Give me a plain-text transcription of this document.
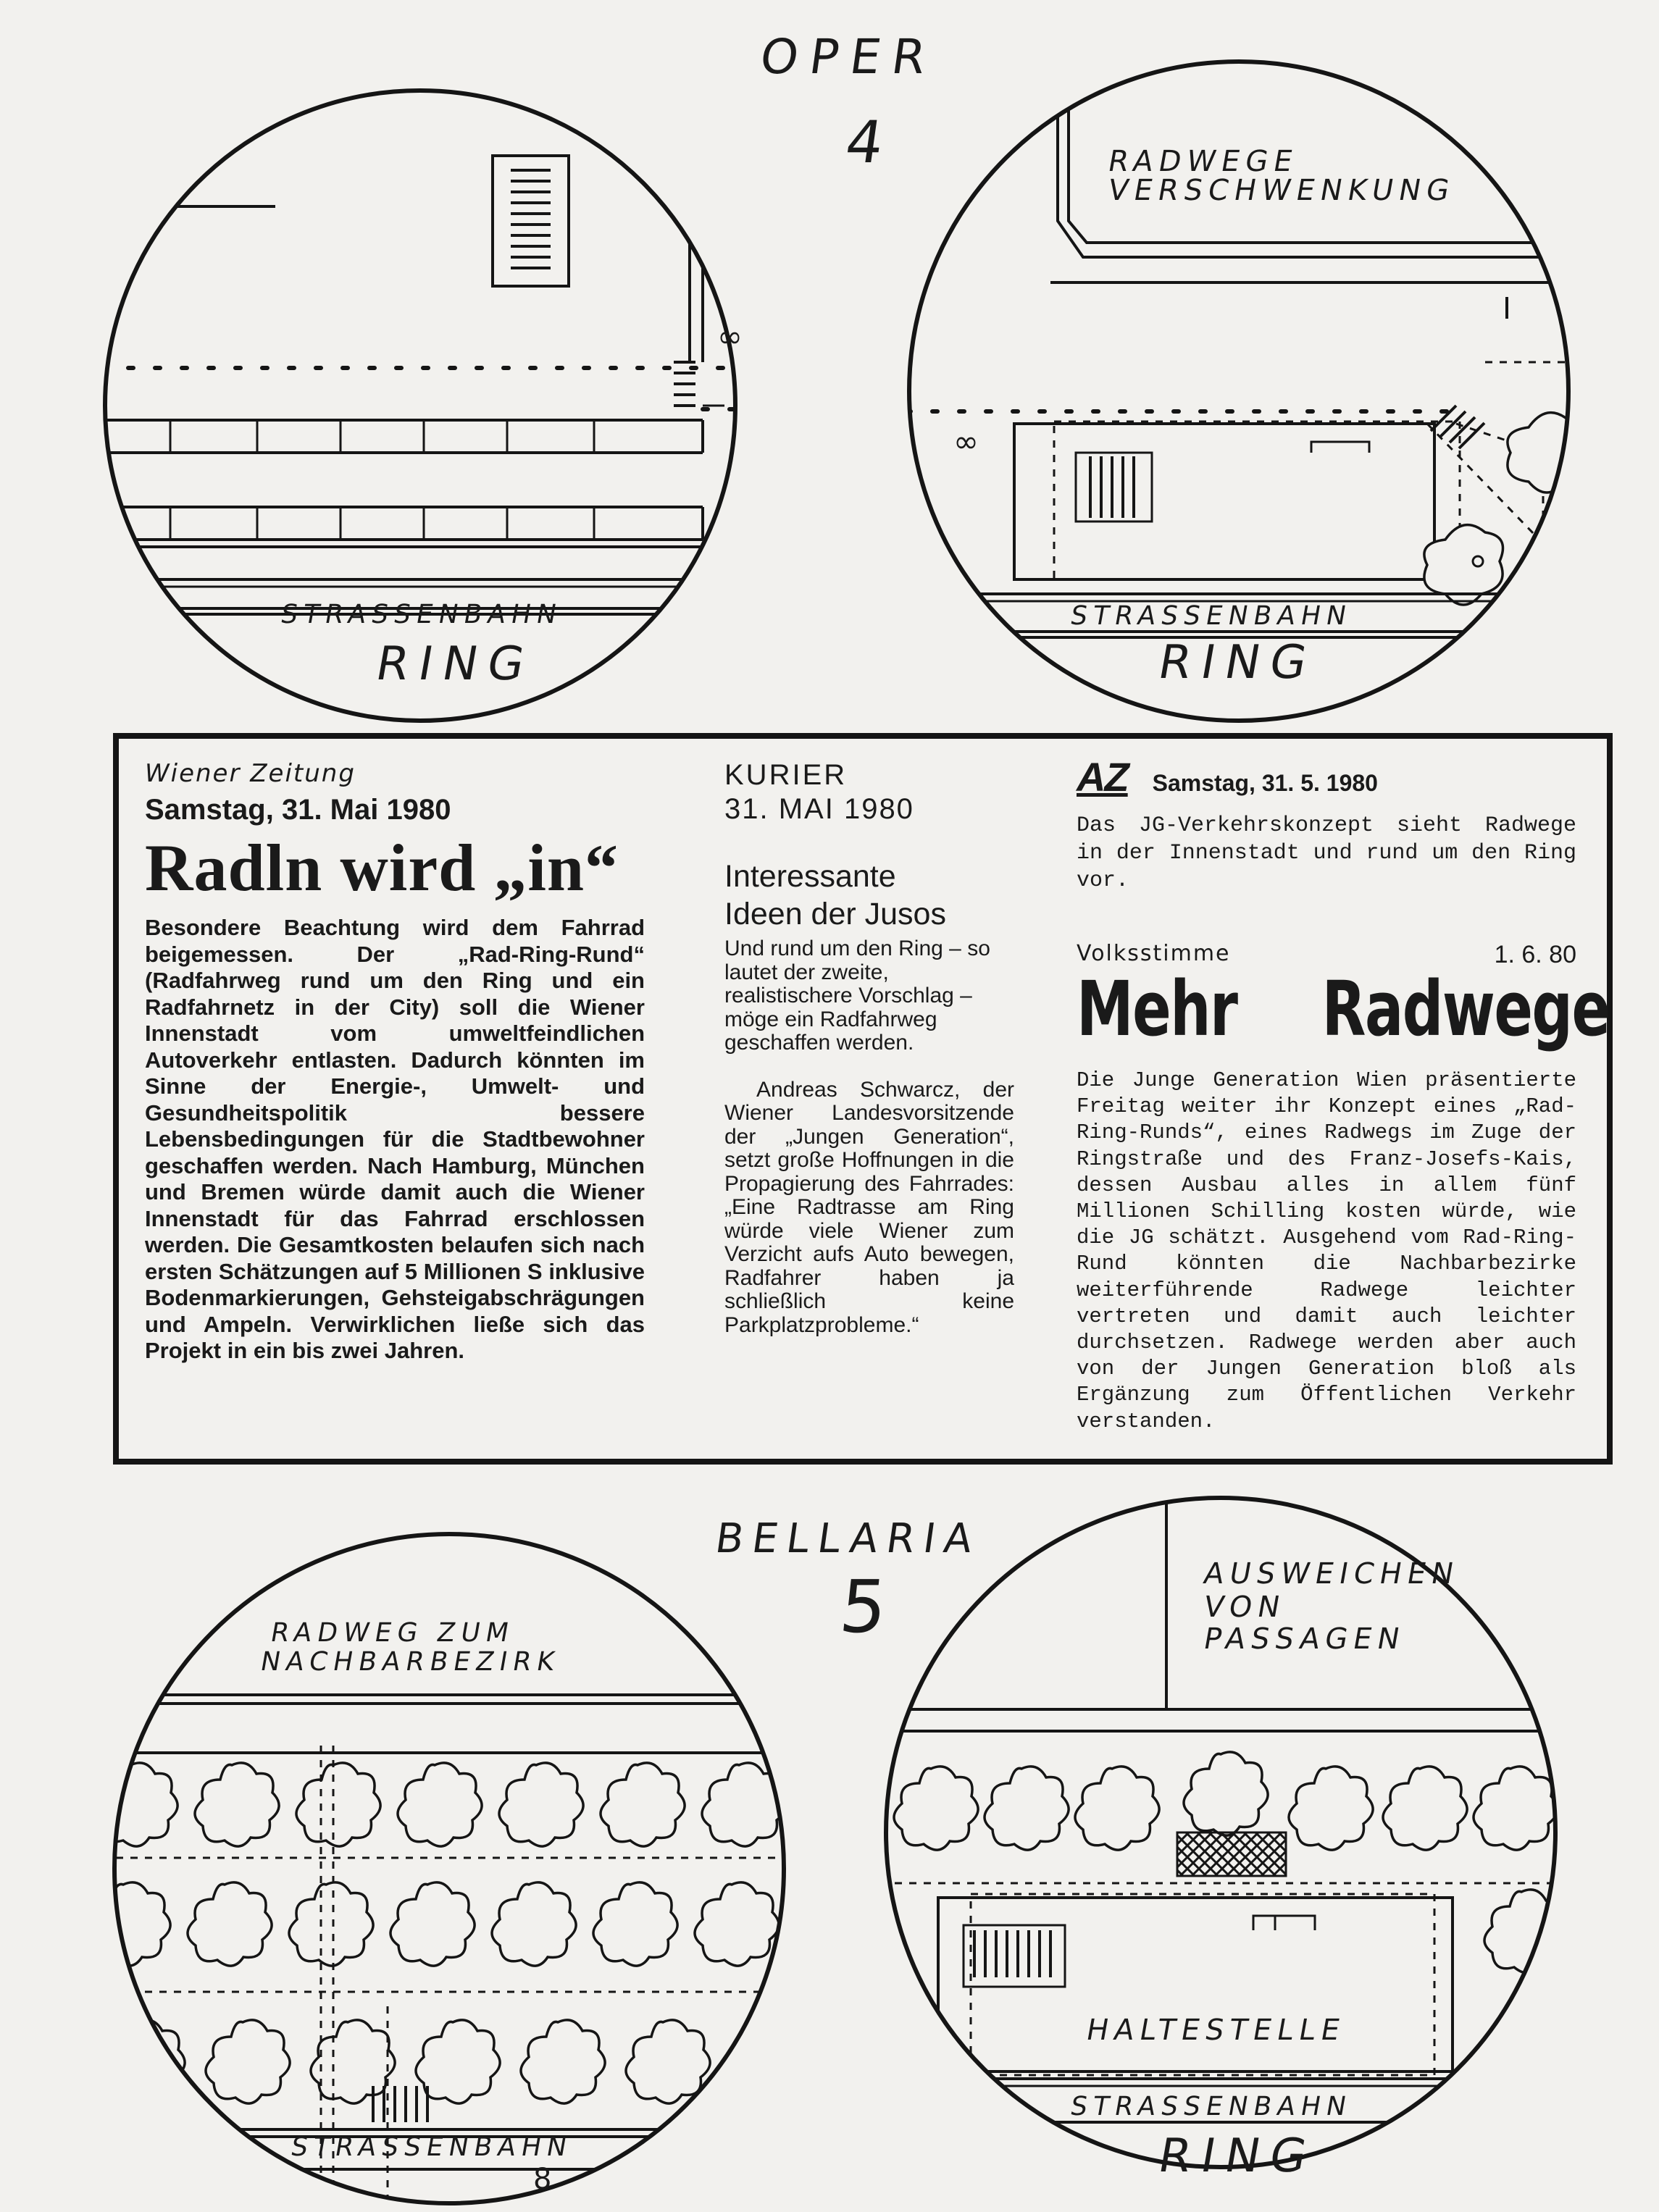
OPER
4
∞
STRASSENBAHN
RING
RADWEGE
VERSCHWENKUNG
∞
STRASSENBAHN
RING
Wiener Zeitung
Samstag, 31. Mai 1980
Radln wird „in“
Besondere Beachtung wird dem Fahrrad beigemessen. Der „Rad-Ring-Rund“ (Radfahrweg rund um den Ring und ein Radfahrnetz in der City) soll die Wiener Innenstadt vom umweltfeindlichen Autoverkehr entlasten. Dadurch könnten im Sinne der Energie-, Umwelt- und Gesundheitspolitik bessere Lebensbedingungen für die Stadtbewohner geschaffen werden. Nach Hamburg, München und Bremen würde damit auch die Wiener Innenstadt für das Fahrrad erschlossen werden. Die Gesamtkosten belaufen sich nach ersten Schätzungen auf 5 Millionen S inklusive Bodenmarkierungen, Gehsteigabschrägungen und Ampeln. Verwirklichen ließe sich das Projekt in ein bis zwei Jahren.
KURIER
31. MAI 1980
Interessante
Ideen der Jusos

Und rund um den Ring – so lautet der zweite, realistischere Vorschlag – möge ein Radfahrweg geschaffen werden.

Andreas Schwarcz, der Wiener Landesvorsitzende der „Jungen Generation“, setzt große Hoffnungen in die Propagierung des Fahrrades: „Eine Radtrasse am Ring würde viele Wiener zum Verzicht aufs Auto bewegen, Radfahrer haben ja schließlich keine Parkplatzprobleme.“

AZ Samstag, 31. 5. 1980
Das JG-Verkehrskonzept sieht Radwege in der Innenstadt und rund um den Ring vor.
Volksstimme	1. 6. 80
Mehr Radwege
Die Junge Generation Wien präsentierte Freitag weiter ihr Konzept eines „Rad-Ring-Runds“, eines Radwegs im Zuge der Ringstraße und des Franz-Josefs-Kais, dessen Ausbau alles in allem fünf Millionen Schilling kosten würde, wie die JG schätzt. Ausgehend vom Rad-Ring-Rund könnten die Nachbarbezirke weiterführende Radwege leichter vertreten und damit auch leichter durchsetzen. Radwege werden aber auch von der Jungen Generation bloß als Ergänzung zum Öffentlichen Verkehr verstanden.
BELLARIA
5
RADWEG ZUM
NACHBARBEZIRK
STRASSENBAHN
8
AUSWEICHEN
VON
PASSAGEN
HALTESTELLE
STRASSENBAHN
RING
